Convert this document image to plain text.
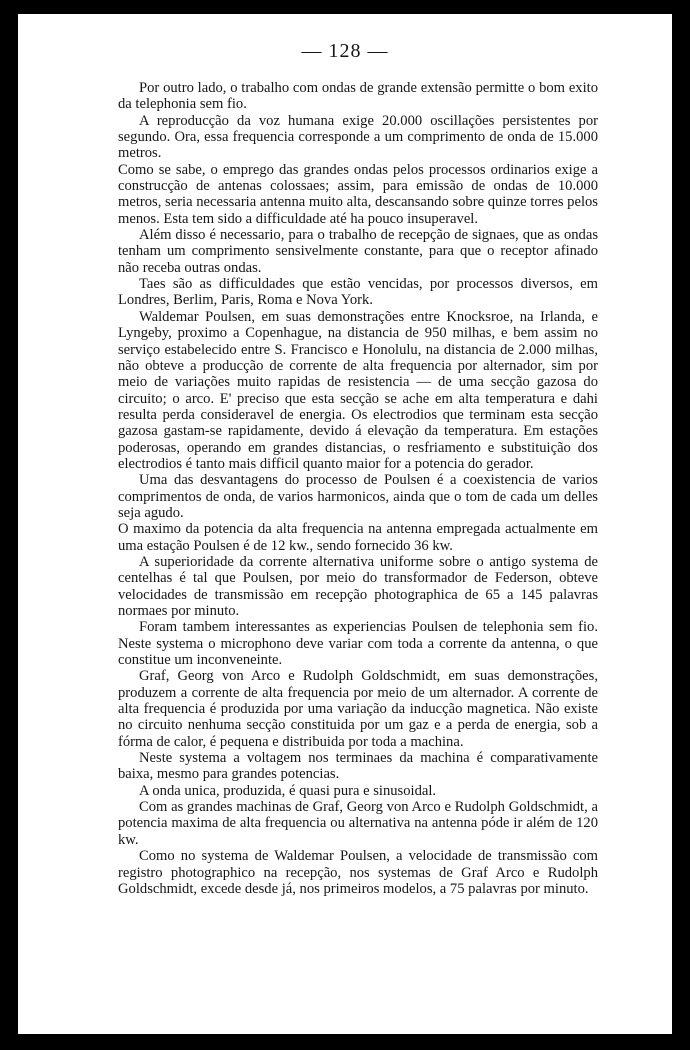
— 128 —

Por outro lado, o trabalho com ondas de grande extensão permitte o bom exito da telephonia sem fio.

A reproducção da voz humana exige 20.000 oscillações persistentes por segundo. Ora, essa frequencia corresponde a um comprimento de onda de 15.000 metros.

Como se sabe, o emprego das grandes ondas pelos processos ordinarios exige a construcção de antenas colossaes; assim, para emissão de ondas de 10.000 metros, seria necessaria antenna muito alta, descansando sobre quinze torres pelos menos. Esta tem sido a difficuldade até ha pouco insuperavel.

Além disso é necessario, para o trabalho de recepção de signaes, que as ondas tenham um comprimento sensivelmente constante, para que o receptor afinado não receba outras ondas.

Taes são as difficuldades que estão vencidas, por processos diversos, em Londres, Berlim, Paris, Roma e Nova York.

Waldemar Poulsen, em suas demonstrações entre Knocksroe, na Irlanda, e Lyngeby, proximo a Copenhague, na distancia de 950 milhas, e bem assim no serviço estabelecido entre S. Francisco e Honolulu, na distancia de 2.000 milhas, não obteve a producção de corrente de alta frequencia por alternador, sim por meio de variações muito rapidas de resistencia — de uma secção gazosa do circuito; o arco. E' preciso que esta secção se ache em alta temperatura e dahi resulta perda consideravel de energia. Os electrodios que terminam esta secção gazosa gastam-se rapidamente, devido á elevação da temperatura. Em estações poderosas, operando em grandes distancias, o resfriamento e substituição dos electrodios é tanto mais difficil quanto maior for a potencia do gerador.

Uma das desvantagens do processo de Poulsen é a coexistencia de varios comprimentos de onda, de varios harmonicos, ainda que o tom de cada um delles seja agudo.

O maximo da potencia da alta frequencia na antenna empregada actualmente em uma estação Poulsen é de 12 kw., sendo fornecido 36 kw.

A superioridade da corrente alternativa uniforme sobre o antigo systema de centelhas é tal que Poulsen, por meio do transformador de Federson, obteve velocidades de transmissão em recepção photographica de 65 a 145 palavras normaes por minuto.

Foram tambem interessantes as experiencias Poulsen de telephonia sem fio. Neste systema o microphono deve variar com toda a corrente da antenna, o que constitue um inconveneinte.

Graf, Georg von Arco e Rudolph Goldschmidt, em suas demonstrações, produzem a corrente de alta frequencia por meio de um alternador. A corrente de alta frequencia é produzida por uma variação da inducção magnetica. Não existe no circuito nenhuma secção constituida por um gaz e a perda de energia, sob a fórma de calor, é pequena e distribuida por toda a machina.

Neste systema a voltagem nos terminaes da machina é comparativamente baixa, mesmo para grandes potencias.

A onda unica, produzida, é quasi pura e sinusoidal.

Com as grandes machinas de Graf, Georg von Arco e Rudolph Goldschmidt, a potencia maxima de alta frequencia ou alternativa na antenna póde ir além de 120 kw.

Como no systema de Waldemar Poulsen, a velocidade de transmissão com registro photographico na recepção, nos systemas de Graf Arco e Rudolph Goldschmidt, excede desde já, nos primeiros modelos, a 75 palavras por minuto.
